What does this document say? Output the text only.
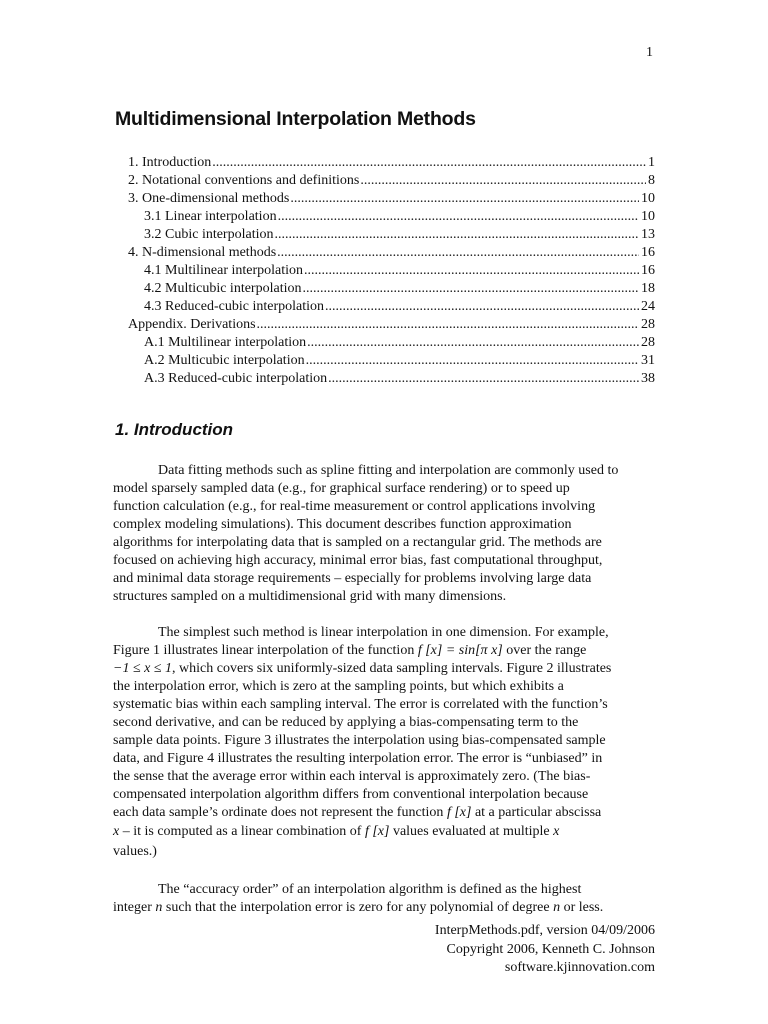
1
Multidimensional Interpolation Methods
1. Introduction .....	1
2. Notational conventions and definitions .....	8
3. One-dimensional methods .....	10
3.1 Linear interpolation .....	10
3.2 Cubic interpolation .....	13
4. N-dimensional methods .....	16
4.1 Multilinear interpolation .....	16
4.2 Multicubic interpolation .....	18
4.3 Reduced-cubic interpolation .....	24
Appendix. Derivations .....	28
A.1 Multilinear interpolation .....	28
A.2 Multicubic interpolation .....	31
A.3 Reduced-cubic interpolation .....	38
1. Introduction
Data fitting methods such as spline fitting and interpolation are commonly used to
model sparsely sampled data (e.g., for graphical surface rendering) or to speed up
function calculation (e.g., for real-time measurement or control applications involving
complex modeling simulations). This document describes function approximation
algorithms for interpolating data that is sampled on a rectangular grid. The methods are
focused on achieving high accuracy, minimal error bias, fast computational throughput,
and minimal data storage requirements – especially for problems involving large data
structures sampled on a multidimensional grid with many dimensions.
The simplest such method is linear interpolation in one dimension. For example,
Figure 1 illustrates linear interpolation of the function f [x] = sin[π x] over the range
−1 ≤ x ≤ 1, which covers six uniformly-sized data sampling intervals. Figure 2 illustrates
the interpolation error, which is zero at the sampling points, but which exhibits a
systematic bias within each sampling interval. The error is correlated with the function’s
second derivative, and can be reduced by applying a bias-compensating term to the
sample data points. Figure 3 illustrates the interpolation using bias-compensated sample
data, and Figure 4 illustrates the resulting interpolation error. The error is “unbiased” in
the sense that the average error within each interval is approximately zero. (The bias-
compensated interpolation algorithm differs from conventional interpolation because
each data sample’s ordinate does not represent the function f [x] at a particular abscissa
x – it is computed as a linear combination of f [x] values evaluated at multiple x
values.)
The “accuracy order” of an interpolation algorithm is defined as the highest
integer n such that the interpolation error is zero for any polynomial of degree n or less.
InterpMethods.pdf, version 04/09/2006
Copyright 2006, Kenneth C. Johnson
software.kjinnovation.com
